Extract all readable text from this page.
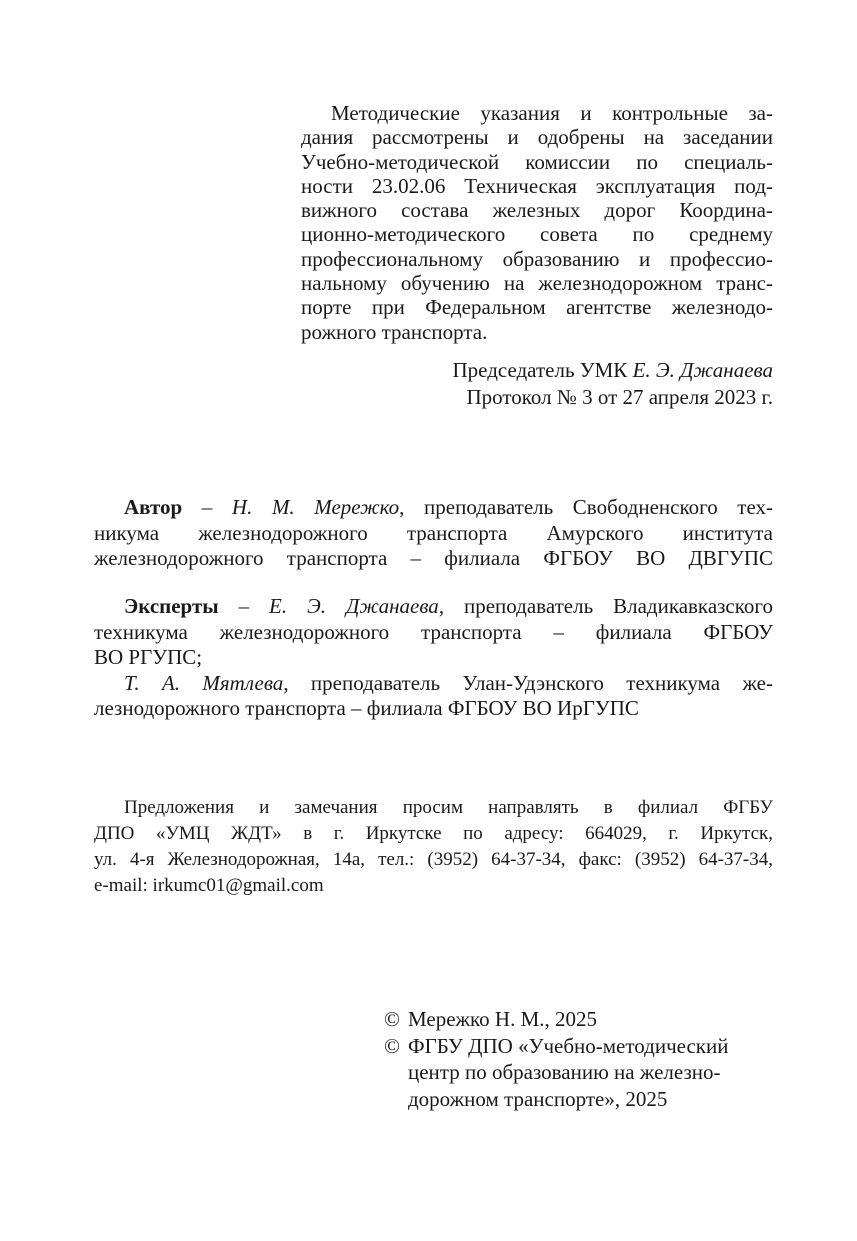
Методические указания и контрольные за-
дания рассмотрены и одобрены на заседании
Учебно-методической комиссии по специаль-
ности 23.02.06 Техническая эксплуатация под-
вижного состава железных дорог Координа-
ционно-методического совета по среднему
профессиональному образованию и профессио-
нальному обучению на железнодорожном транс-
порте при Федеральном агентстве железнодо-
рожного транспорта.
Председатель УМК Е. Э. Джанаева
Протокол № 3 от 27 апреля 2023 г.
Автор – Н. М. Мережко, преподаватель Свободненского тех-
никума железнодорожного транспорта Амурского института
железнодорожного транспорта – филиала ФГБОУ ВО ДВГУПС
Эксперты – Е. Э. Джанаева, преподаватель Владикавказского
техникума железнодорожного транспорта – филиала ФГБОУ
ВО РГУПС;
Т. А. Мятлева, преподаватель Улан-Удэнского техникума же-
лезнодорожного транспорта – филиала ФГБОУ ВО ИрГУПС
Предложения и замечания просим направлять в филиал ФГБУ
ДПО «УМЦ ЖДТ» в г. Иркутске по адресу: 664029, г. Иркутск,
ул. 4-я Железнодорожная, 14а, тел.: (3952) 64-37-34, факс: (3952) 64-37-34,
e-mail: irkumc01@gmail.com
© Мережко Н. М., 2025
© ФГБУ ДПО «Учебно-методический
центр по образованию на железно-
дорожном транспорте», 2025
